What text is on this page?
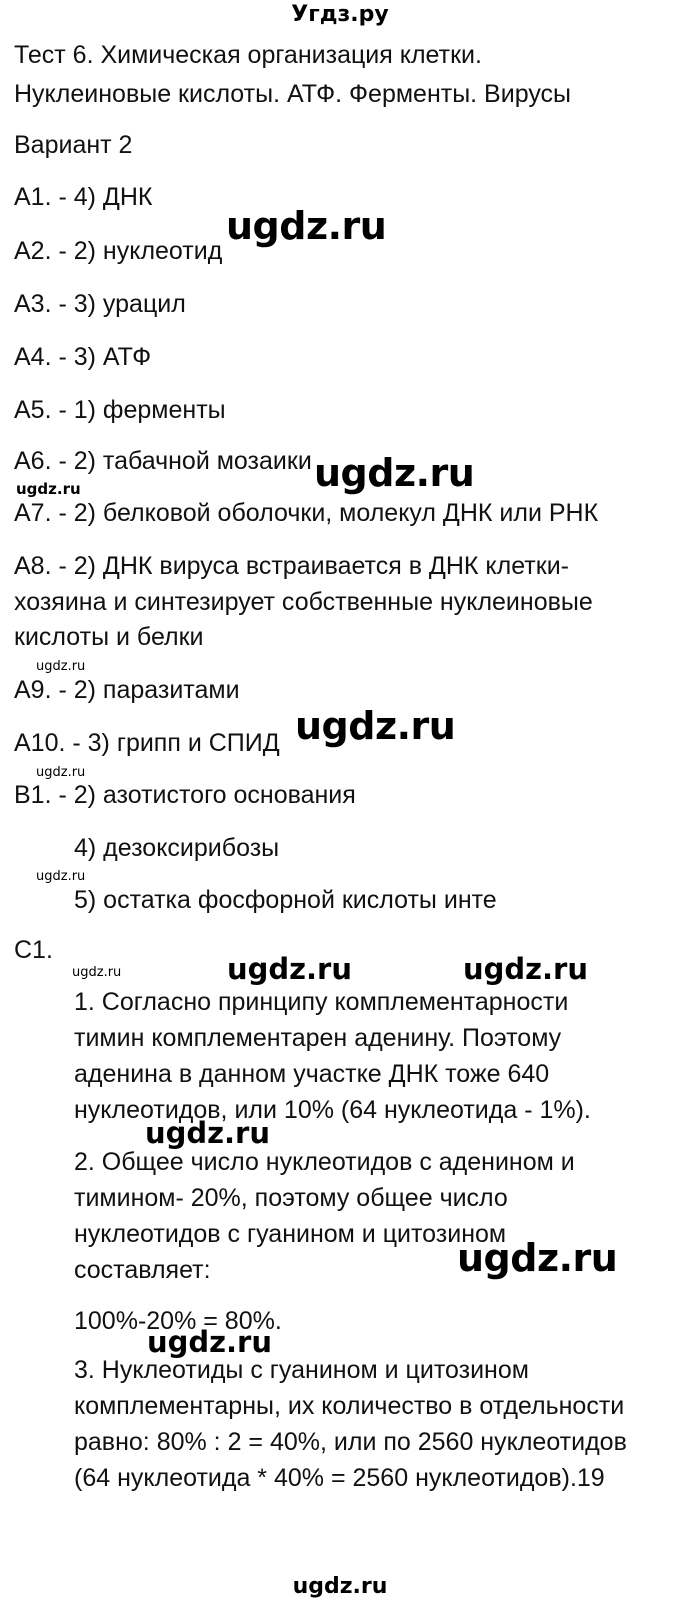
Угдз.ру
Тест 6. Химическая организация клетки.
Нуклеиновые кислоты. АТФ. Ферменты. Вирусы
Вариант 2
A1. - 4) ДНК
A2. - 2) нуклеотид
A3. - 3) урацил
A4. - 3) АТФ
A5. - 1) ферменты
A6. - 2) табачной мозаики
A7. - 2) белковой оболочки, молекул ДНК или РНК
A8. - 2) ДНК вируса встраивается в ДНК клетки-
хозяина и синтезирует собственные нуклеиновые
кислоты и белки
A9. - 2) паразитами
A10. - 3) грипп и СПИД
B1. - 2) азотистого основания
4) дезоксирибозы
5) остатка фосфорной кислоты инте
C1.
1. Согласно принципу комплементарности
тимин комплементарен аденину. Поэтому
аденина в данном участке ДНК тоже 640
нуклеотидов, или 10% (64 нуклеотида - 1%).
2. Общее число нуклеотидов с аденином и
тимином- 20%, поэтому общее число
нуклеотидов с гуанином и цитозином
составляет:
100%-20% = 80%.
3. Нуклеотиды с гуанином и цитозином
комплементарны, их количество в отдельности
равно: 80% : 2 = 40%, или по 2560 нуклеотидов
(64 нуклеотида * 40% = 2560 нуклеотидов).19
ugdz.ru
ugdz.ru
ugdz.ru
ugdz.ru
ugdz.ru
ugdz.ru
ugdz.ru
ugdz.ru	ugdz.ru	ugdz.ru
ugdz.ru
ugdz.ru
ugdz.ru
ugdz.ru
